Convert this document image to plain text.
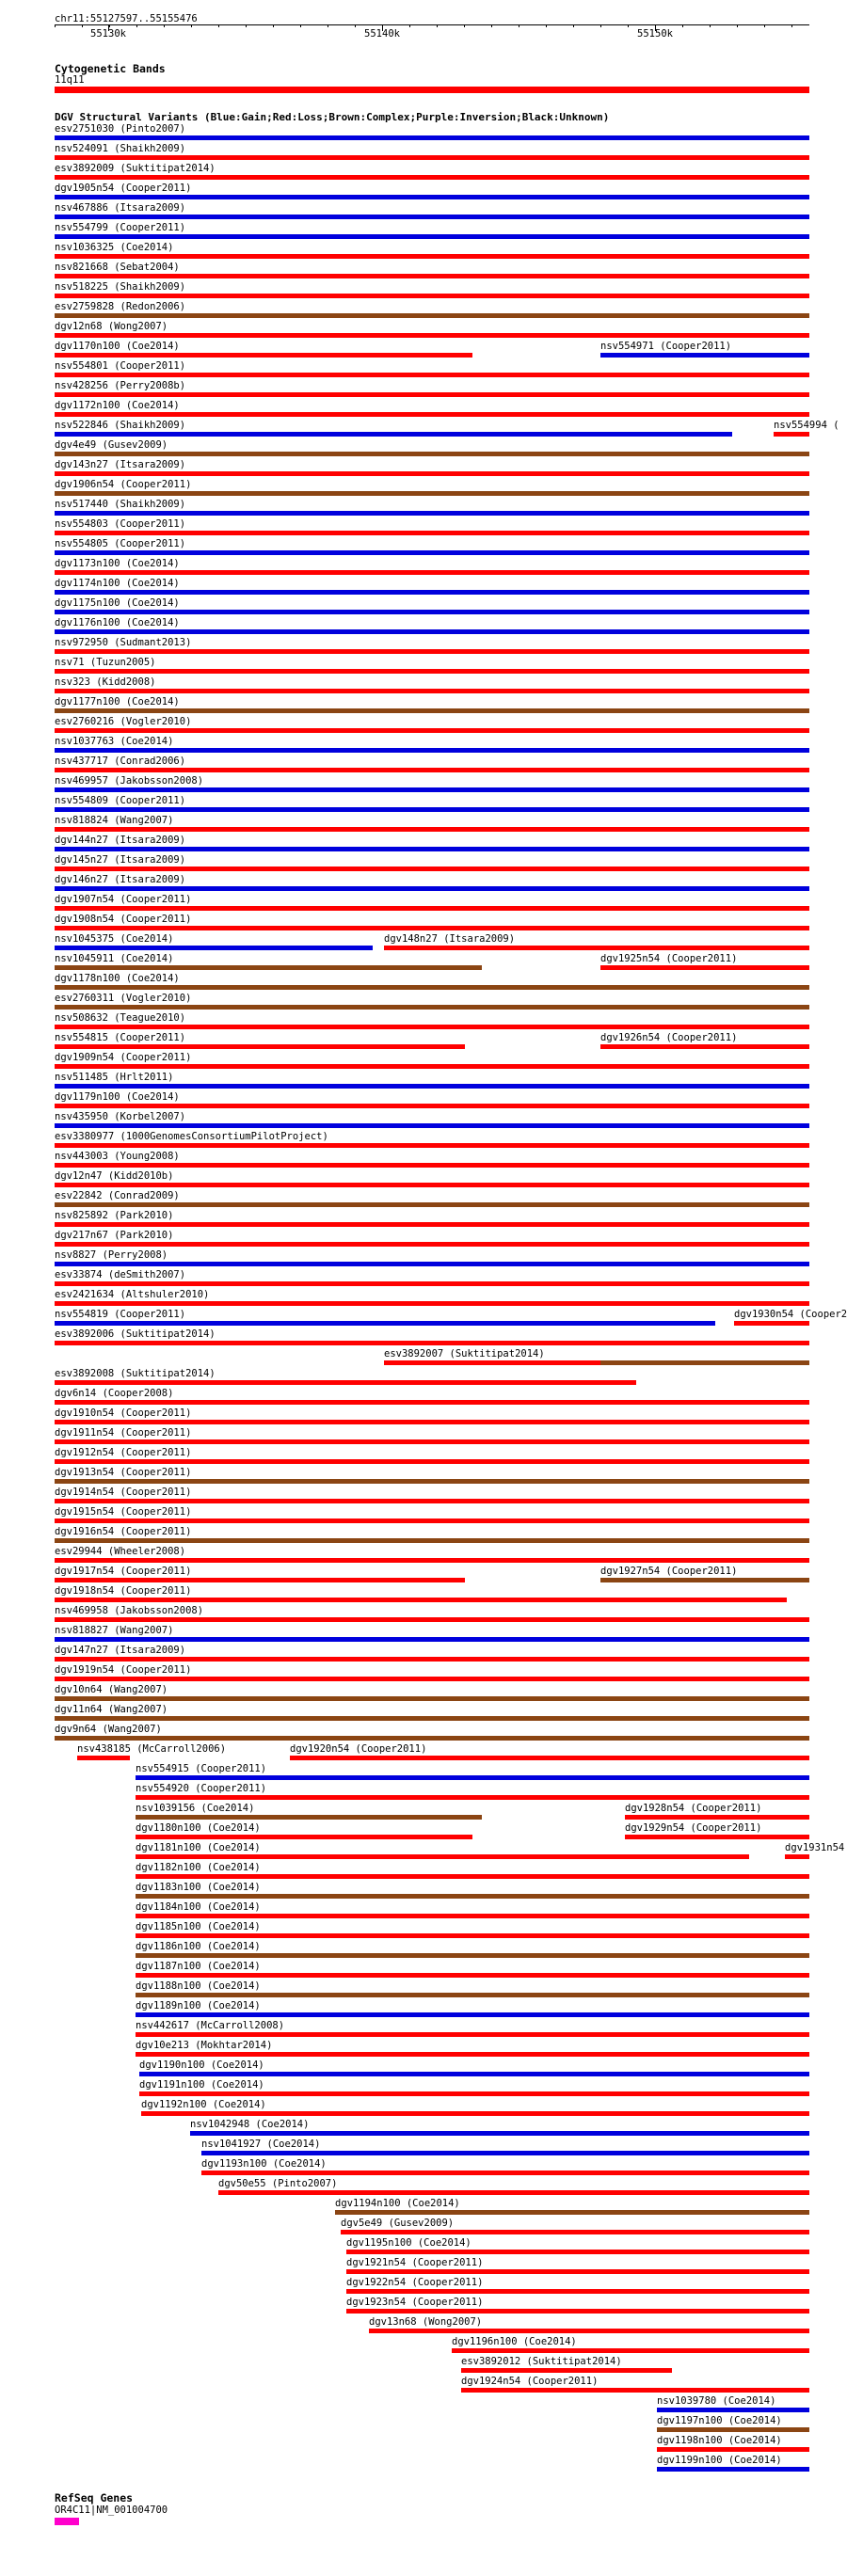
chr11:55127597..55155476
55130k	55140k	55150k
Cytogenetic Bands
11q11
DGV Structural Variants (Blue:Gain;Red:Loss;Brown:Complex;Purple:Inversion;Black:Unknown)
esv2751030 (Pinto2007)
nsv524091 (Shaikh2009)
esv3892009 (Suktitipat2014)
dgv1905n54 (Cooper2011)
nsv467886 (Itsara2009)
nsv554799 (Cooper2011)
nsv1036325 (Coe2014)
nsv821668 (Sebat2004)
nsv518225 (Shaikh2009)
esv2759828 (Redon2006)
dgv12n68 (Wong2007)
dgv1170n100 (Coe2014)	nsv554971 (Cooper2011)
nsv554801 (Cooper2011)
nsv428256 (Perry2008b)
dgv1172n100 (Coe2014)
nsv522846 (Shaikh2009)	nsv554994 (
dgv4e49 (Gusev2009)
dgv143n27 (Itsara2009)
dgv1906n54 (Cooper2011)
nsv517440 (Shaikh2009)
nsv554803 (Cooper2011)
nsv554805 (Cooper2011)
dgv1173n100 (Coe2014)
dgv1174n100 (Coe2014)
dgv1175n100 (Coe2014)
dgv1176n100 (Coe2014)
nsv972950 (Sudmant2013)
nsv71 (Tuzun2005)
nsv323 (Kidd2008)
dgv1177n100 (Coe2014)
esv2760216 (Vogler2010)
nsv1037763 (Coe2014)
nsv437717 (Conrad2006)
nsv469957 (Jakobsson2008)
nsv554809 (Cooper2011)
nsv818824 (Wang2007)
dgv144n27 (Itsara2009)
dgv145n27 (Itsara2009)
dgv146n27 (Itsara2009)
dgv1907n54 (Cooper2011)
dgv1908n54 (Cooper2011)
nsv1045375 (Coe2014)	dgv148n27 (Itsara2009)
nsv1045911 (Coe2014)	dgv1925n54 (Cooper2011)
dgv1178n100 (Coe2014)
esv2760311 (Vogler2010)
nsv508632 (Teague2010)
nsv554815 (Cooper2011)	dgv1926n54 (Cooper2011)
dgv1909n54 (Cooper2011)
nsv511485 (Hrlt2011)
dgv1179n100 (Coe2014)
nsv435950 (Korbel2007)
esv3380977 (1000GenomesConsortiumPilotProject)
nsv443003 (Young2008)
dgv12n47 (Kidd2010b)
esv22842 (Conrad2009)
nsv825892 (Park2010)
dgv217n67 (Park2010)
nsv8827 (Perry2008)
esv33874 (deSmith2007)
esv2421634 (Altshuler2010)
nsv554819 (Cooper2011)	dgv1930n54 (Cooper2
esv3892006 (Suktitipat2014)
esv3892007 (Suktitipat2014)
esv3892008 (Suktitipat2014)
dgv6n14 (Cooper2008)
dgv1910n54 (Cooper2011)
dgv1911n54 (Cooper2011)
dgv1912n54 (Cooper2011)
dgv1913n54 (Cooper2011)
dgv1914n54 (Cooper2011)
dgv1915n54 (Cooper2011)
dgv1916n54 (Cooper2011)
esv29944 (Wheeler2008)
dgv1917n54 (Cooper2011)	dgv1927n54 (Cooper2011)
dgv1918n54 (Cooper2011)
nsv469958 (Jakobsson2008)
nsv818827 (Wang2007)
dgv147n27 (Itsara2009)
dgv1919n54 (Cooper2011)
dgv10n64 (Wang2007)
dgv11n64 (Wang2007)
dgv9n64 (Wang2007)
nsv438185 (McCarroll2006)	dgv1920n54 (Cooper2011)
nsv554915 (Cooper2011)
nsv554920 (Cooper2011)
nsv1039156 (Coe2014)	dgv1928n54 (Cooper2011)
dgv1180n100 (Coe2014)	dgv1929n54 (Cooper2011)
dgv1181n100 (Coe2014)	dgv1931n54
dgv1182n100 (Coe2014)
dgv1183n100 (Coe2014)
dgv1184n100 (Coe2014)
dgv1185n100 (Coe2014)
dgv1186n100 (Coe2014)
dgv1187n100 (Coe2014)
dgv1188n100 (Coe2014)
dgv1189n100 (Coe2014)
nsv442617 (McCarroll2008)
dgv10e213 (Mokhtar2014)
dgv1190n100 (Coe2014)
dgv1191n100 (Coe2014)
dgv1192n100 (Coe2014)
nsv1042948 (Coe2014)
nsv1041927 (Coe2014)
dgv1193n100 (Coe2014)
dgv50e55 (Pinto2007)
dgv1194n100 (Coe2014)
dgv5e49 (Gusev2009)
dgv1195n100 (Coe2014)
dgv1921n54 (Cooper2011)
dgv1922n54 (Cooper2011)
dgv1923n54 (Cooper2011)
dgv13n68 (Wong2007)
dgv1196n100 (Coe2014)
esv3892012 (Suktitipat2014)
dgv1924n54 (Cooper2011)
nsv1039780 (Coe2014)
dgv1197n100 (Coe2014)
dgv1198n100 (Coe2014)
dgv1199n100 (Coe2014)
RefSeq Genes
OR4C11|NM_001004700
